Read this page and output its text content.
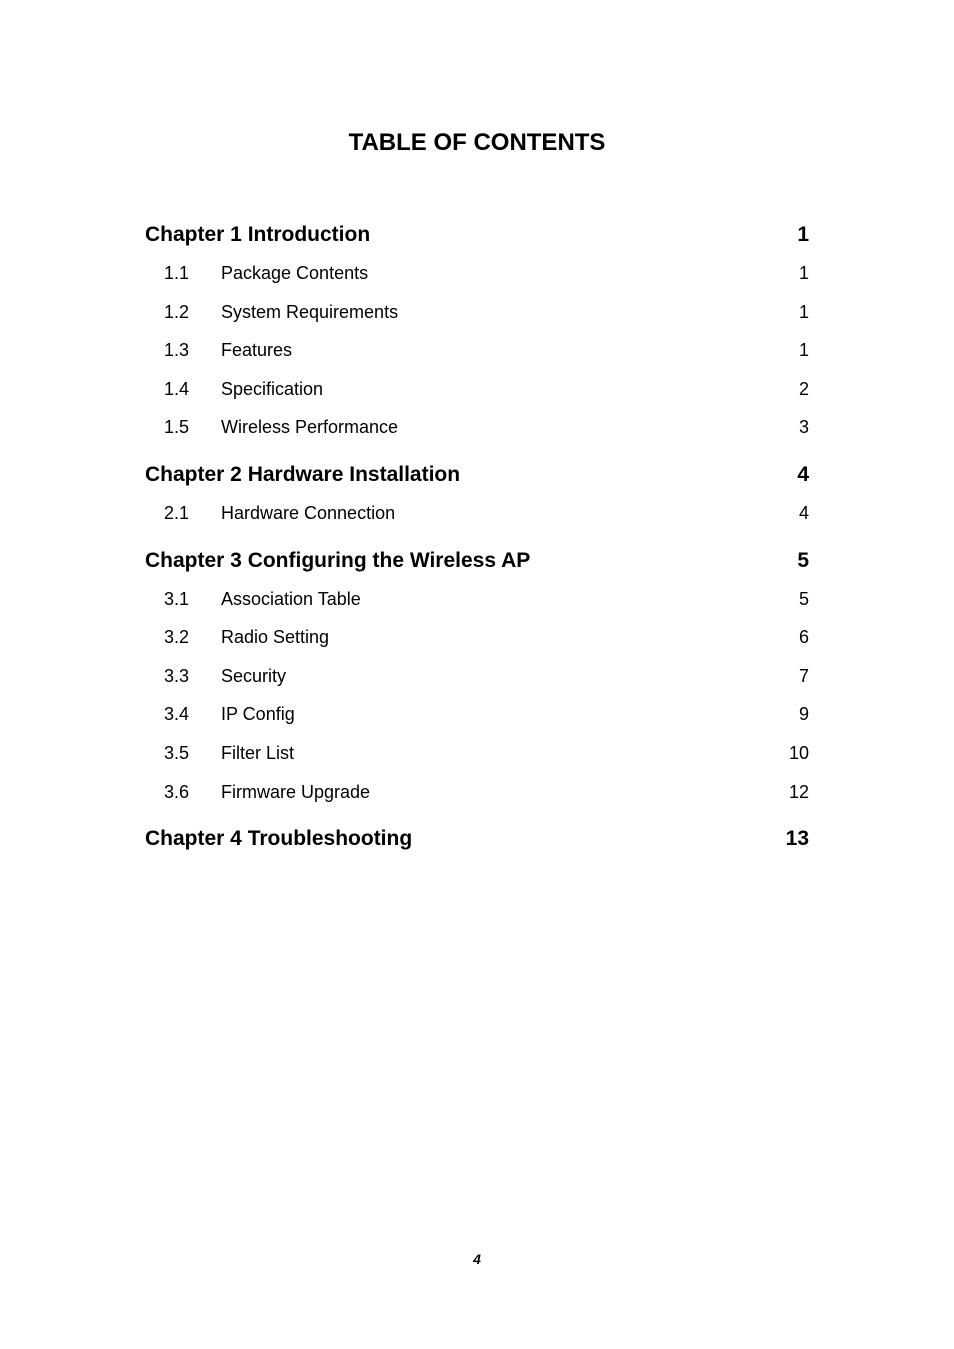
TABLE OF CONTENTS
Chapter 1 Introduction	1
1.1	Package Contents	1
1.2	System Requirements	1
1.3	Features	1
1.4	Specification	2
1.5	Wireless Performance	3
Chapter 2 Hardware Installation	4
2.1	Hardware Connection	4
Chapter 3 Configuring the Wireless AP	5
3.1	Association Table	5
3.2	Radio Setting	6
3.3	Security	7
3.4	IP Config	9
3.5	Filter List	10
3.6	Firmware Upgrade	12
Chapter 4 Troubleshooting	13
4
